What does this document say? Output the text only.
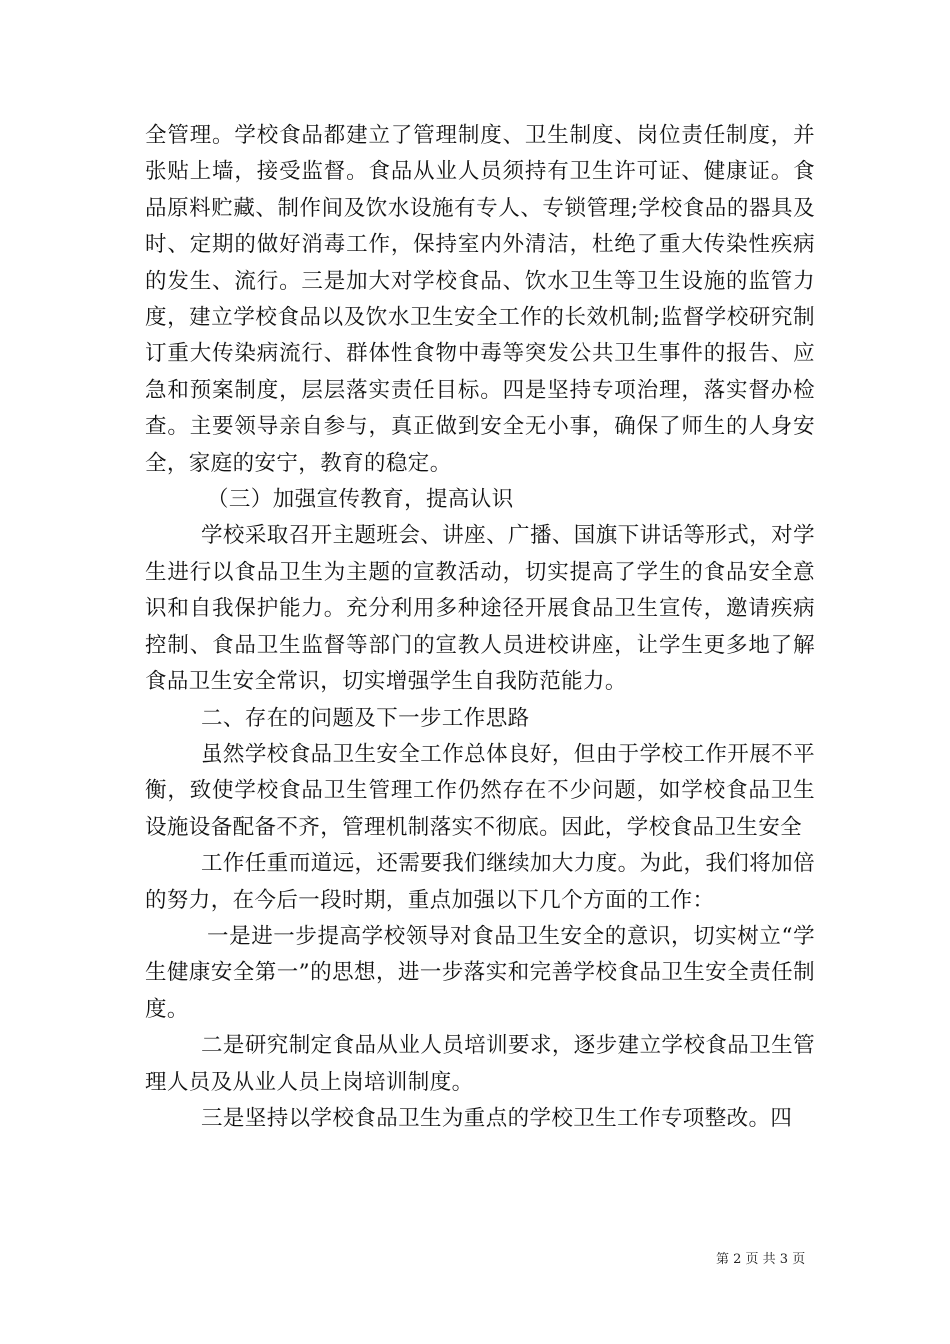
全管理。学校食品都建立了管理制度、卫生制度、岗位责任制度，并张贴上墙，接受监督。食品从业人员须持有卫生许可证、健康证。食品原料贮藏、制作间及饮水设施有专人、专锁管理;学校食品的器具及时、定期的做好消毒工作，保持室内外清洁，杜绝了重大传染性疾病的发生、流行。三是加大对学校食品、饮水卫生等卫生设施的监管力度，建立学校食品以及饮水卫生安全工作的长效机制;监督学校研究制订重大传染病流行、群体性食物中毒等突发公共卫生事件的报告、应急和预案制度，层层落实责任目标。四是坚持专项治理，落实督办检查。主要领导亲自参与，真正做到安全无小事，确保了师生的人身安全，家庭的安宁，教育的稳定。

（三）加强宣传教育，提高认识

学校采取召开主题班会、讲座、广播、国旗下讲话等形式，对学生进行以食品卫生为主题的宣教活动，切实提高了学生的食品安全意识和自我保护能力。充分利用多种途径开展食品卫生宣传，邀请疾病控制、食品卫生监督等部门的宣教人员进校讲座，让学生更多地了解食品卫生安全常识，切实增强学生自我防范能力。

二、存在的问题及下一步工作思路

虽然学校食品卫生安全工作总体良好，但由于学校工作开展不平衡，致使学校食品卫生管理工作仍然存在不少问题，如学校食品卫生设施设备配备不齐，管理机制落实不彻底。因此，学校食品卫生安全

工作任重而道远，还需要我们继续加大力度。为此，我们将加倍的努力，在今后一段时期，重点加强以下几个方面的工作：

一是进一步提高学校领导对食品卫生安全的意识，切实树立“学生健康安全第一”的思想，进一步落实和完善学校食品卫生安全责任制度。

二是研究制定食品从业人员培训要求，逐步建立学校食品卫生管理人员及从业人员上岗培训制度。

三是坚持以学校食品卫生为重点的学校卫生工作专项整改。四

第 2 页 共 3 页
